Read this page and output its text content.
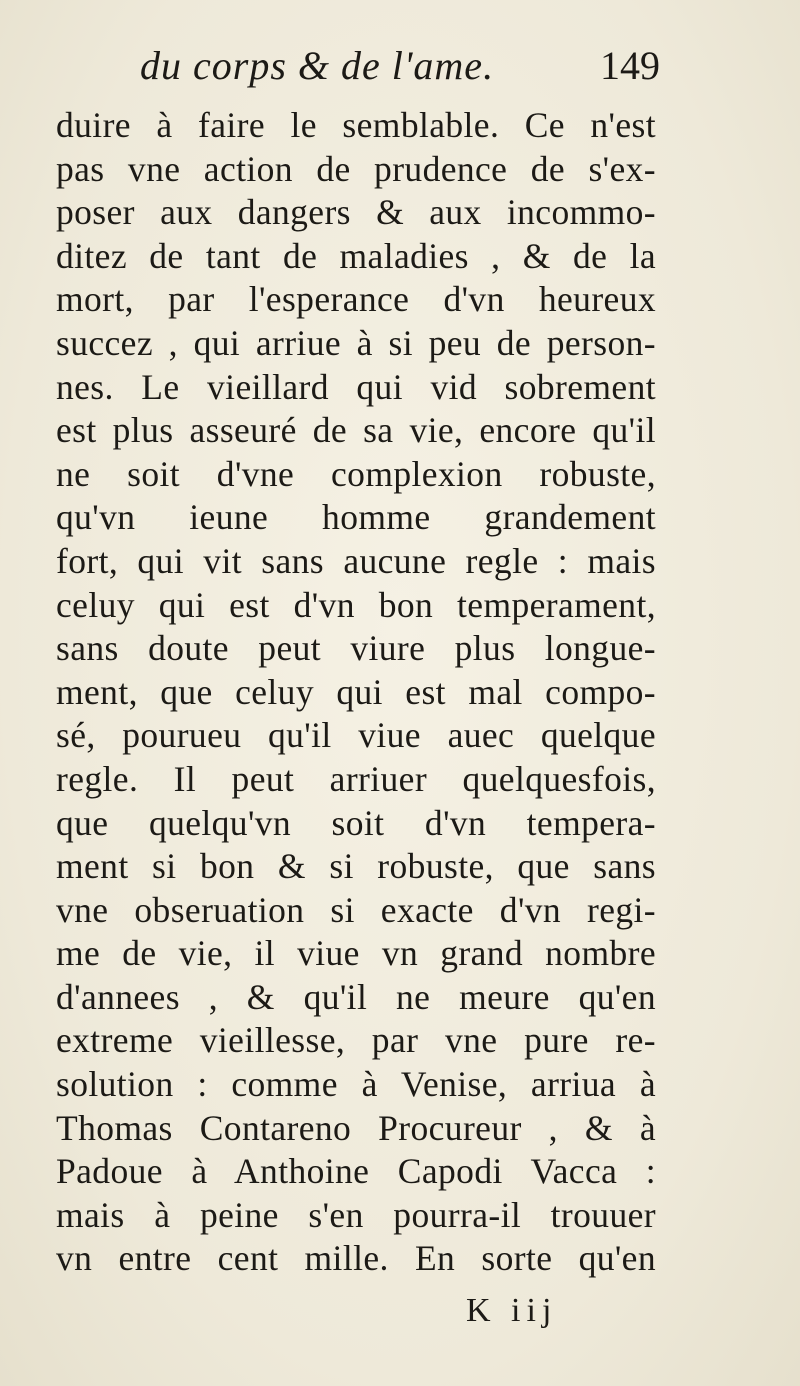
du corps & de l'ame.	149
duire à faire le semblable. Ce n'est
pas vne action de prudence de s'ex-
poser aux dangers & aux incommo-
ditez de tant de maladies , & de la
mort, par l'esperance d'vn heureux
succez , qui arriue à si peu de person-
nes. Le vieillard qui vid sobrement
est plus asseuré de sa vie, encore qu'il
ne soit d'vne complexion robuste,
qu'vn ieune homme grandement
fort, qui vit sans aucune regle : mais
celuy qui est d'vn bon temperament,
sans doute peut viure plus longue-
ment, que celuy qui est mal compo-
sé, pourueu qu'il viue auec quelque
regle. Il peut arriuer quelquesfois,
que quelqu'vn soit d'vn tempera-
ment si bon & si robuste, que sans
vne obseruation si exacte d'vn regi-
me de vie, il viue vn grand nombre
d'annees , & qu'il ne meure qu'en
extreme vieillesse, par vne pure re-
solution : comme à Venise, arriua à
Thomas Contareno Procureur , & à
Padoue à Anthoine Capodi Vacca :
mais à peine s'en pourra-il trouuer
vn entre cent mille. En sorte qu'en
K iij
